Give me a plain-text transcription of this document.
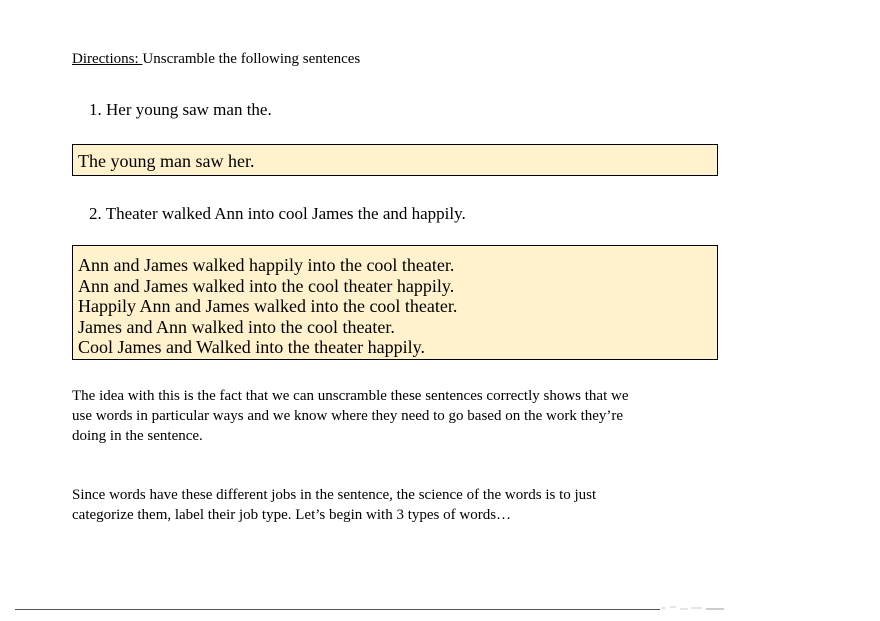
Directions: Unscramble the following sentences
1. Her young saw man the.
The young man saw her.
2. Theater walked Ann into cool James the and happily.
Ann and James walked happily into the cool theater.
Ann and James walked into the cool theater happily.
Happily Ann and James walked into the cool theater.
James and Ann walked into the cool theater.
Cool James and Walked into the theater happily.
The idea with this is the fact that we can unscramble these sentences correctly shows that we use words in particular ways and we know where they need to go based on the work they’re doing in the sentence.
Since words have these different jobs in the sentence, the science of the words is to just categorize them, label their job type. Let’s begin with 3 types of words…
